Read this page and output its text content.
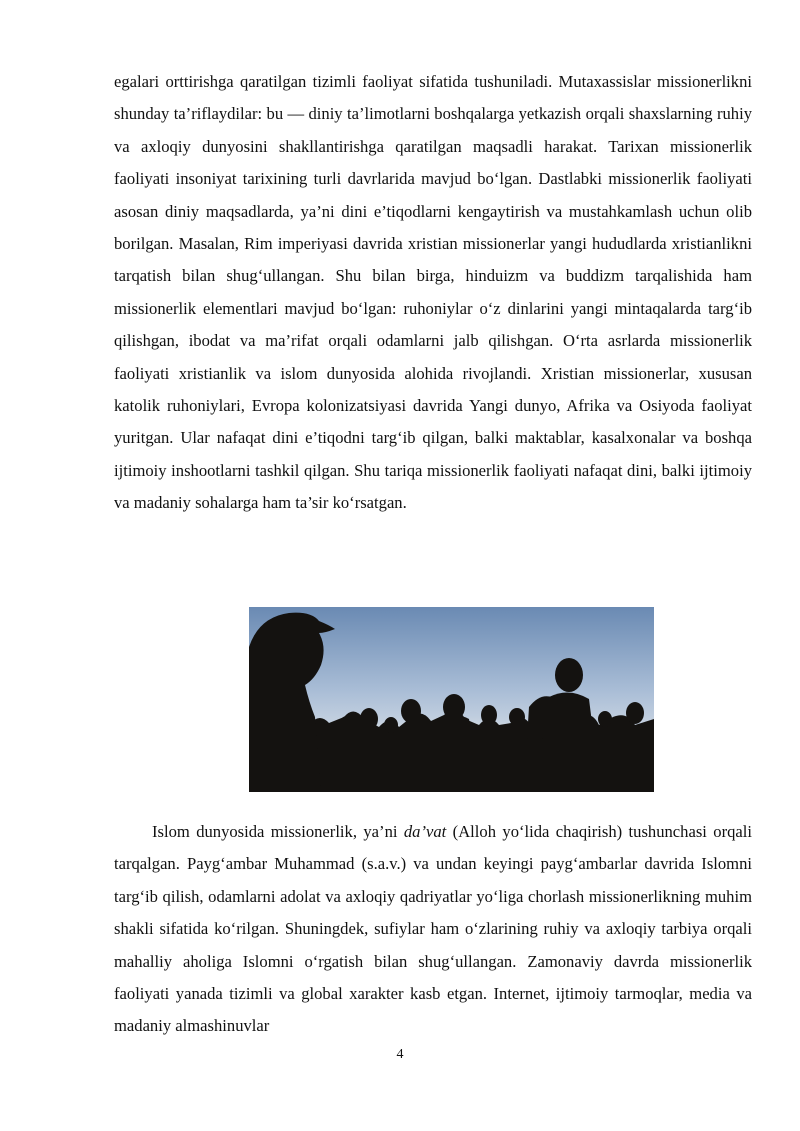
egalari orttirishga qaratilgan tizimli faoliyat sifatida tushuniladi. Mutaxassislar missionerlikni shunday ta’riflaydilar: bu — diniy ta’limotlarni boshqalarga yetkazish orqali shaxslarning ruhiy va axloqiy dunyosini shakllantirishga qaratilgan maqsadli harakat. Tarixan missionerlik faoliyati insoniyat tarixining turli davrlarida mavjud bo‘lgan. Dastlabki missionerlik faoliyati asosan diniy maqsadlarda, ya’ni dini e’tiqodlarni kengaytirish va mustahkamlash uchun olib borilgan. Masalan, Rim imperiyasi davrida xristian missionerlar yangi hududlarda xristianlikni tarqatish bilan shug‘ullangan. Shu bilan birga, hinduizm va buddizm tarqalishida ham missionerlik elementlari mavjud bo‘lgan: ruhoniylar o‘z dinlarini yangi mintaqalarda targ‘ib qilishgan, ibodat va ma’rifat orqali odamlarni jalb qilishgan. O‘rta asrlarda missionerlik faoliyati xristianlik va islom dunyosida alohida rivojlandi. Xristian missionerlar, xususan katolik ruhoniylari, Evropa kolonizatsiyasi davrida Yangi dunyo, Afrika va Osiyoda faoliyat yuritgan. Ular nafaqat dini e’tiqodni targ‘ib qilgan, balki maktablar, kasalxonalar va boshqa ijtimoiy inshootlarni tashkil qilgan. Shu tariqa missionerlik faoliyati nafaqat dini, balki ijtimoiy va madaniy sohalarga ham ta’sir ko‘rsatgan.

Islom dunyosida missionerlik, ya’ni da’vat (Alloh yo‘lida chaqirish) tushunchasi orqali tarqalgan. Payg‘ambar Muhammad (s.a.v.) va undan keyingi payg‘ambarlar davrida Islomni targ‘ib qilish, odamlarni adolat va axloqiy qadriyatlar yo‘liga chorlash missionerlikning muhim shakli sifatida ko‘rilgan. Shuningdek, sufiylar ham o‘zlarining ruhiy va axloqiy tarbiya orqali mahalliy aholiga Islomni o‘rgatish bilan shug‘ullangan. Zamonaviy davrda missionerlik faoliyati yanada tizimli va global xarakter kasb etgan. Internet, ijtimoiy tarmoqlar, media va madaniy almashinuvlar

4
